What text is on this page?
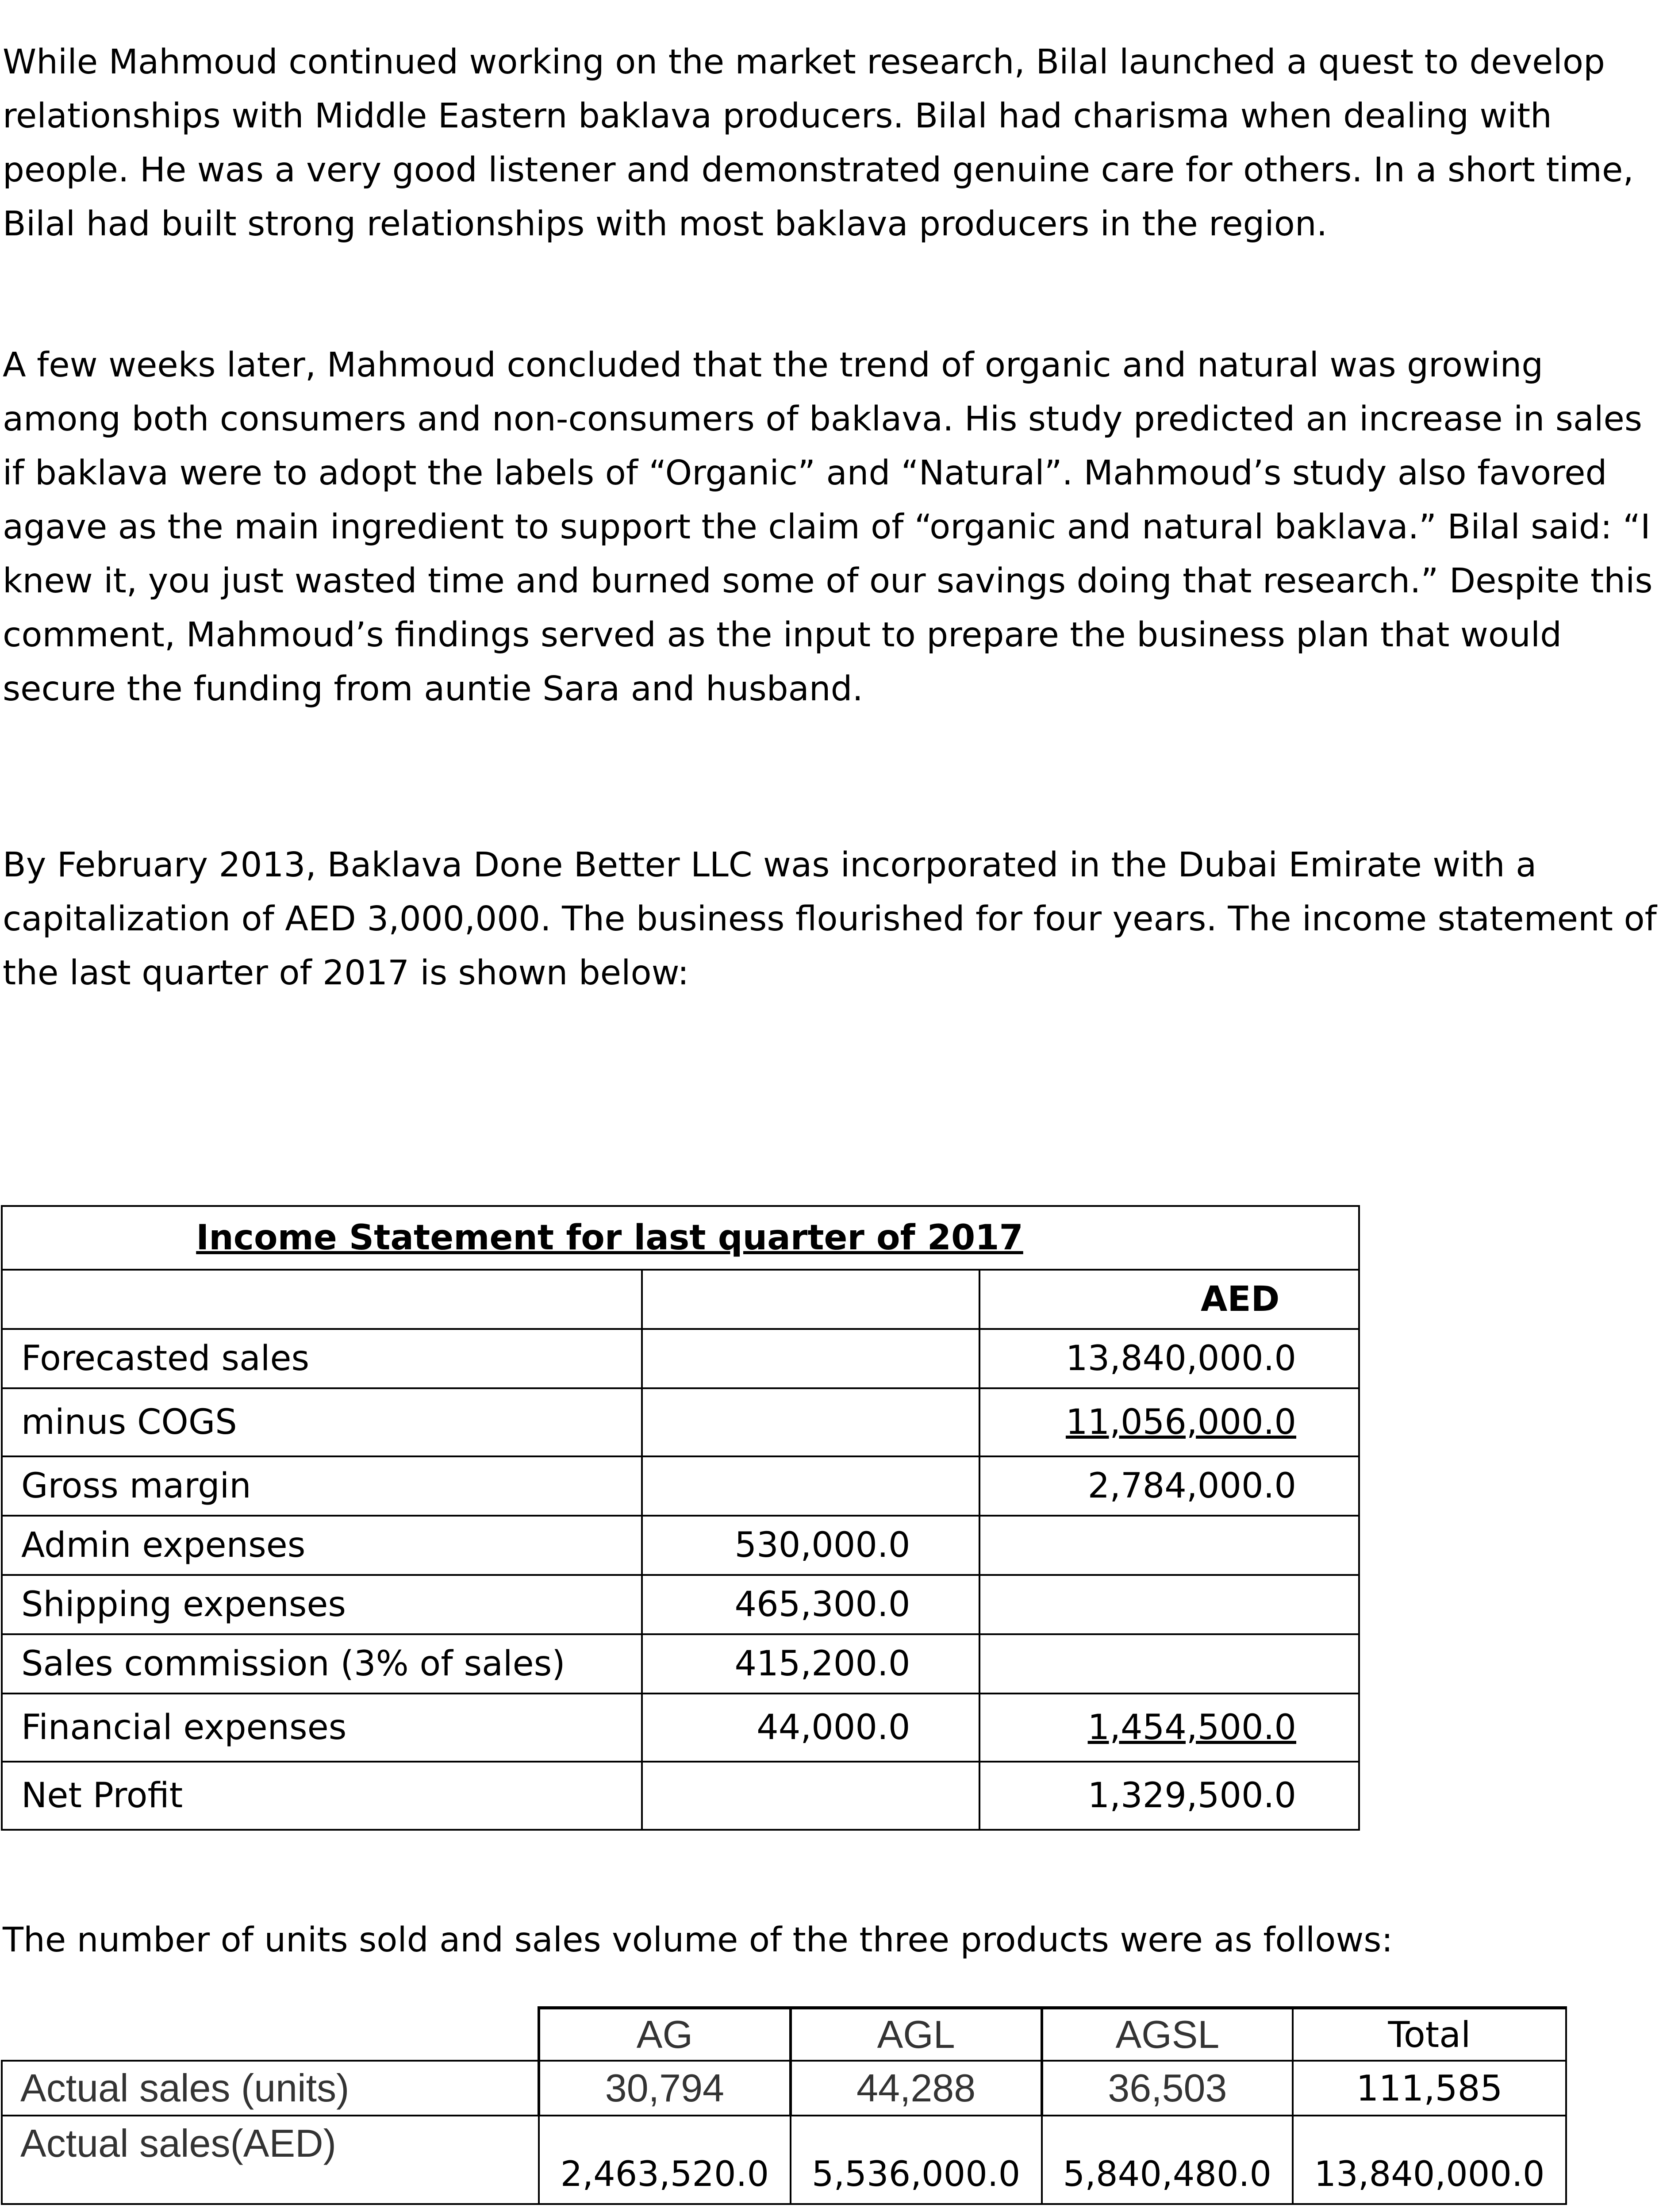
While Mahmoud continued working on the market research, Bilal launched a quest to develop relationships with Middle Eastern baklava producers. Bilal had charisma when dealing with people. He was a very good listener and demonstrated genuine care for others. In a short time, Bilal had built strong relationships with most baklava producers in the region.

A few weeks later, Mahmoud concluded that the trend of organic and natural was growing among both consumers and non-consumers of baklava. His study predicted an increase in sales if baklava were to adopt the labels of “Organic” and “Natural”. Mahmoud’s study also favored agave as the main ingredient to support the claim of “organic and natural baklava.” Bilal said: “I knew it, you just wasted time and burned some of our savings doing that research.” Despite this comment, Mahmoud’s findings served as the input to prepare the business plan that would secure the funding from auntie Sara and husband.

By February 2013, Baklava Done Better LLC was incorporated in the Dubai Emirate with a capitalization of AED 3,000,000. The business flourished for four years. The income statement of the last quarter of 2017 is shown below:

Income Statement for last quarter of 2017		
		AED
Forecasted sales		13,840,000.0
minus COGS		11,056,000.0
Gross margin		2,784,000.0
Admin expenses	530,000.0	
Shipping expenses	465,300.0	
Sales commission (3% of sales)	415,200.0	
Financial expenses	44,000.0	1,454,500.0
Net Profit		1,329,500.0

The number of units sold and sales volume of the three products were as follows:

	AG	AGL	AGSL	Total
Actual sales (units)	30,794	44,288	36,503	111,585
Actual sales(AED)	2,463,520.0	5,536,000.0	5,840,480.0	13,840,000.0
